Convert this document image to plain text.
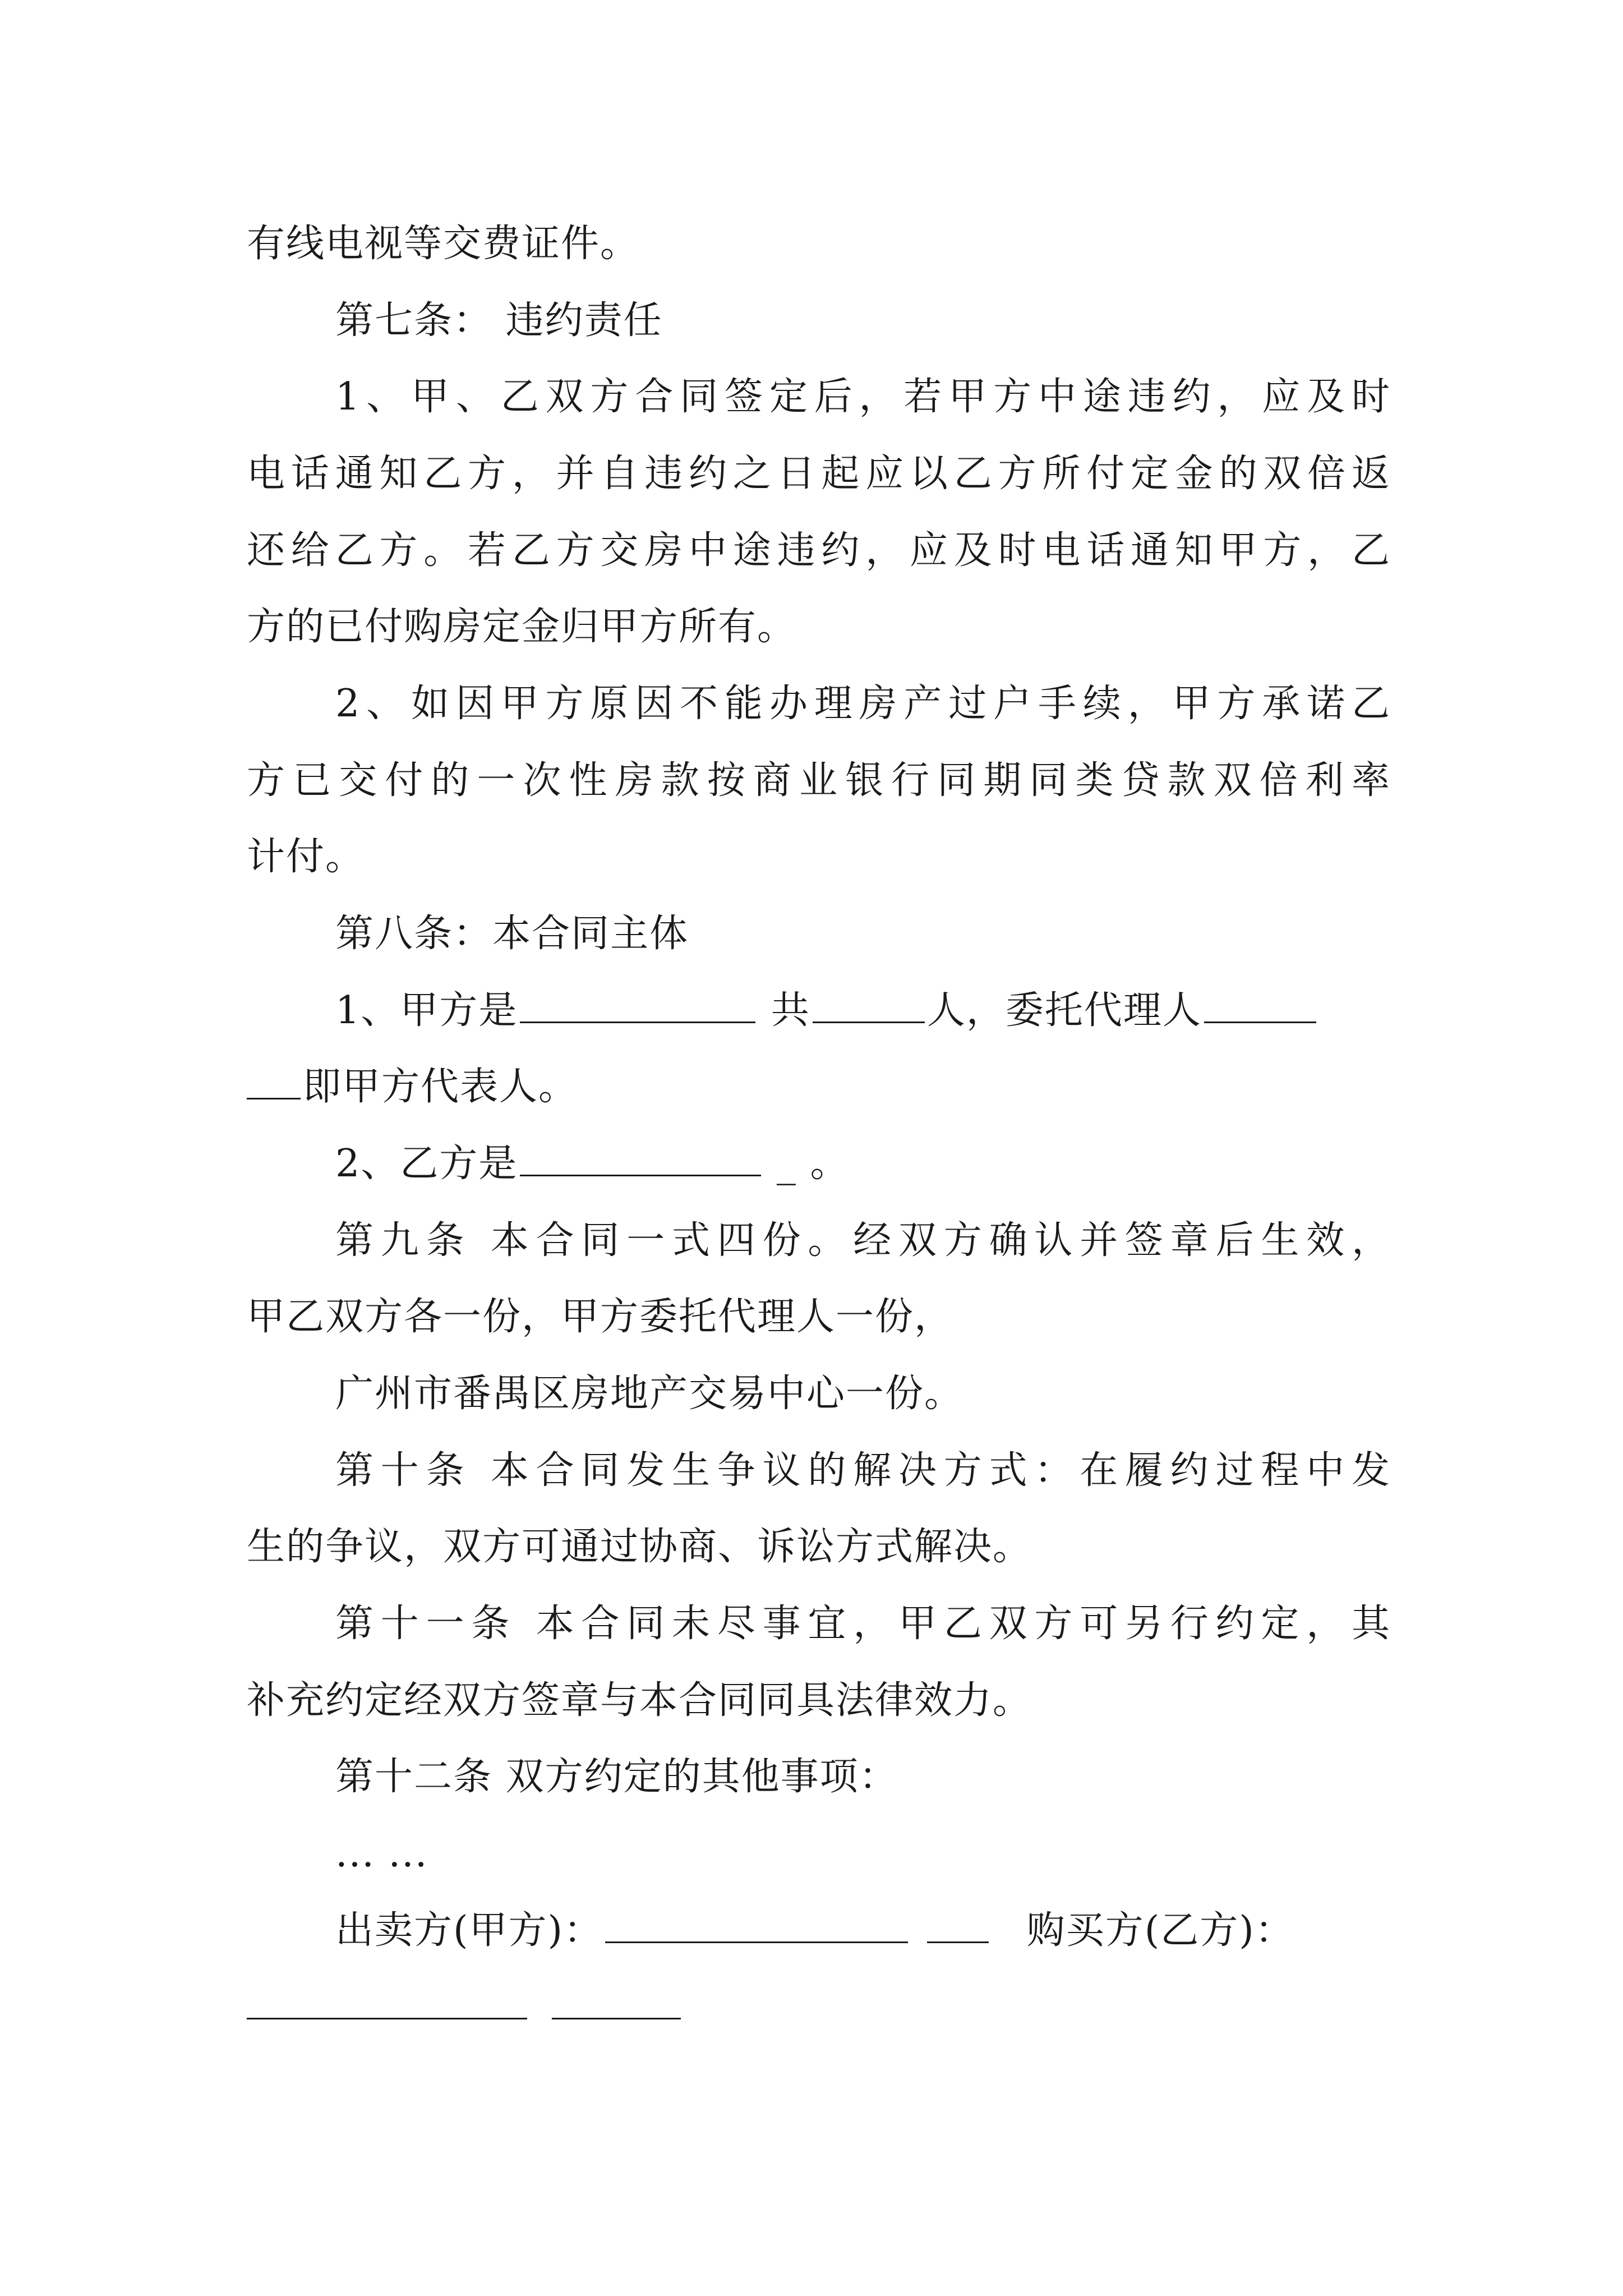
有线电视等交费证件。
第七条： 违约责任
1、甲、乙双方合同签定后，若甲方中途违约，应及时
电话通知乙方，并自违约之日起应以乙方所付定金的双倍返
还给乙方。若乙方交房中途违约，应及时电话通知甲方，乙
方的已付购房定金归甲方所有。
2、如因甲方原因不能办理房产过户手续，甲方承诺乙
方已交付的一次性房款按商业银行同期同类贷款双倍利率
计付。
第八条：本合同主体
1、甲方是	共	人，委托代理人
即甲方代表人。
2、乙方是	_ 。
第九条 本合同一式四份。经双方确认并签章后生效，
甲乙双方各一份，甲方委托代理人一份，
广州市番禺区房地产交易中心一份。
第十条 本合同发生争议的解决方式：在履约过程中发
生的争议，双方可通过协商、诉讼方式解决。
第十一条 本合同未尽事宜，甲乙双方可另行约定，其
补充约定经双方签章与本合同同具法律效力。
第十二条 双方约定的其他事项：
... ...
出卖方(甲方)：	购买方(乙方)：
